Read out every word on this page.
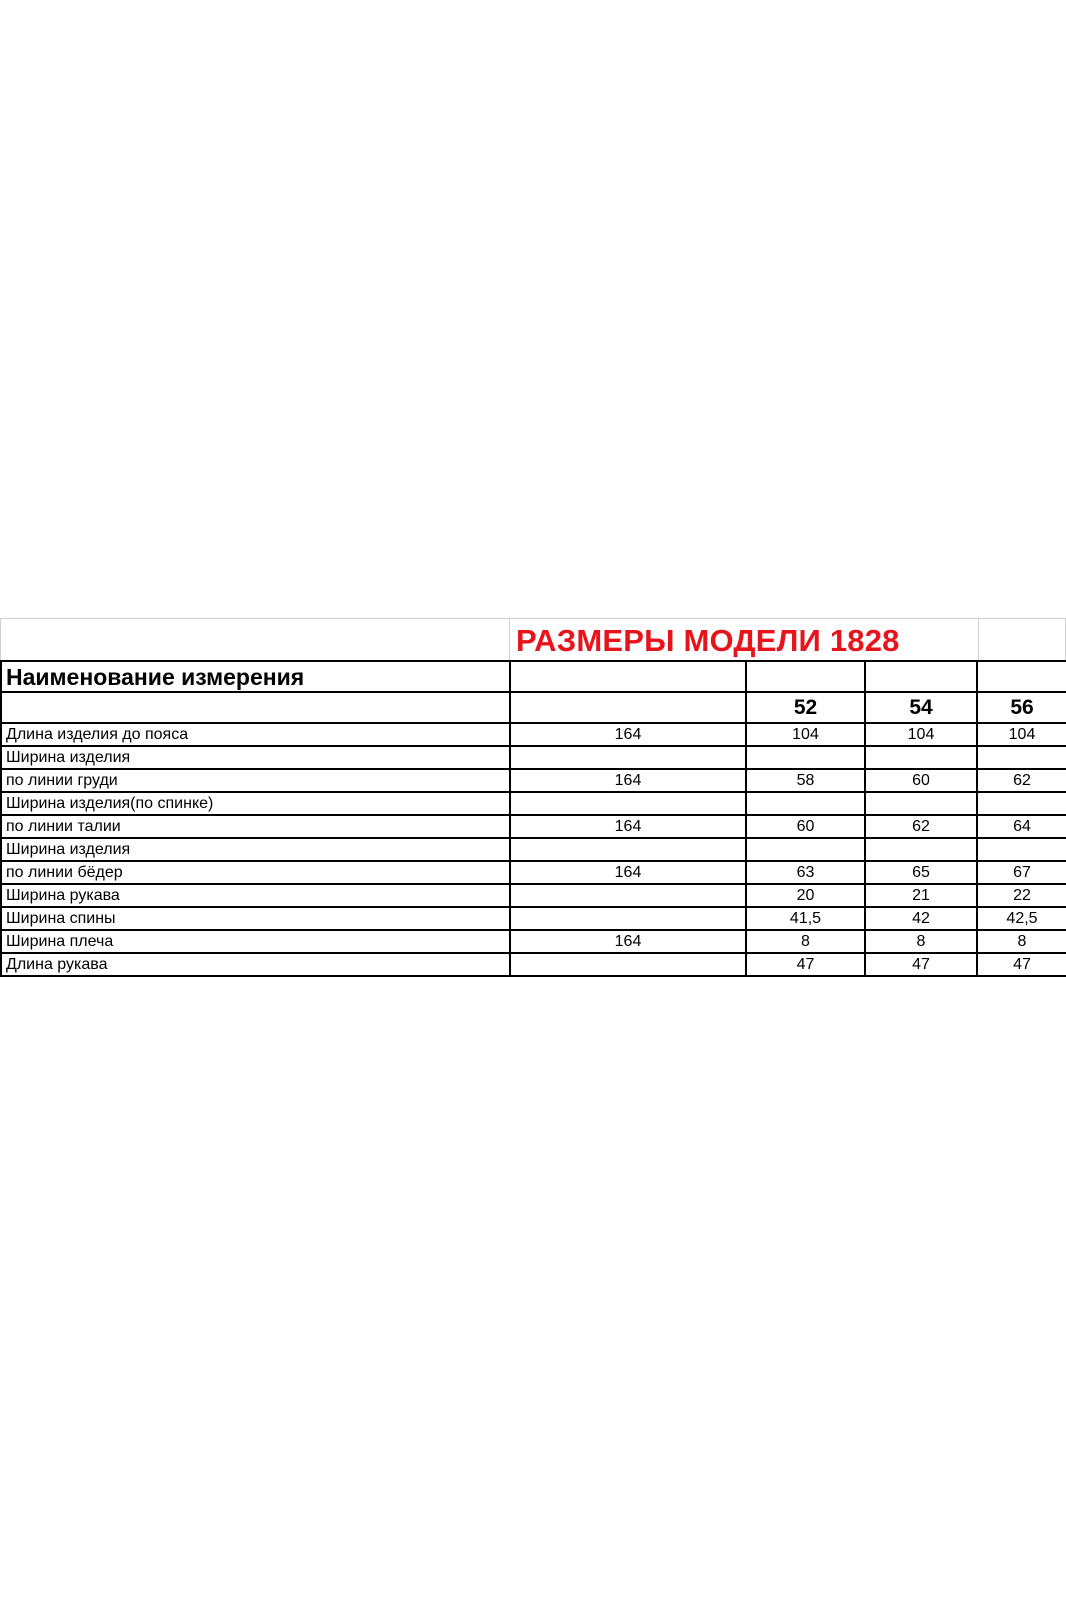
РАЗМЕРЫ МОДЕЛИ 1828
Наименование измерения				
		52	54	56
Длина изделия до пояса	164	104	104	104
Ширина изделия				
по линии груди	164	58	60	62
Ширина изделия(по спинке)				
по линии талии	164	60	62	64
Ширина изделия				
по линии бёдер	164	63	65	67
Ширина рукава		20	21	22
Ширина спины		41,5	42	42,5
Ширина плеча	164	8	8	8
Длина рукава		47	47	47
